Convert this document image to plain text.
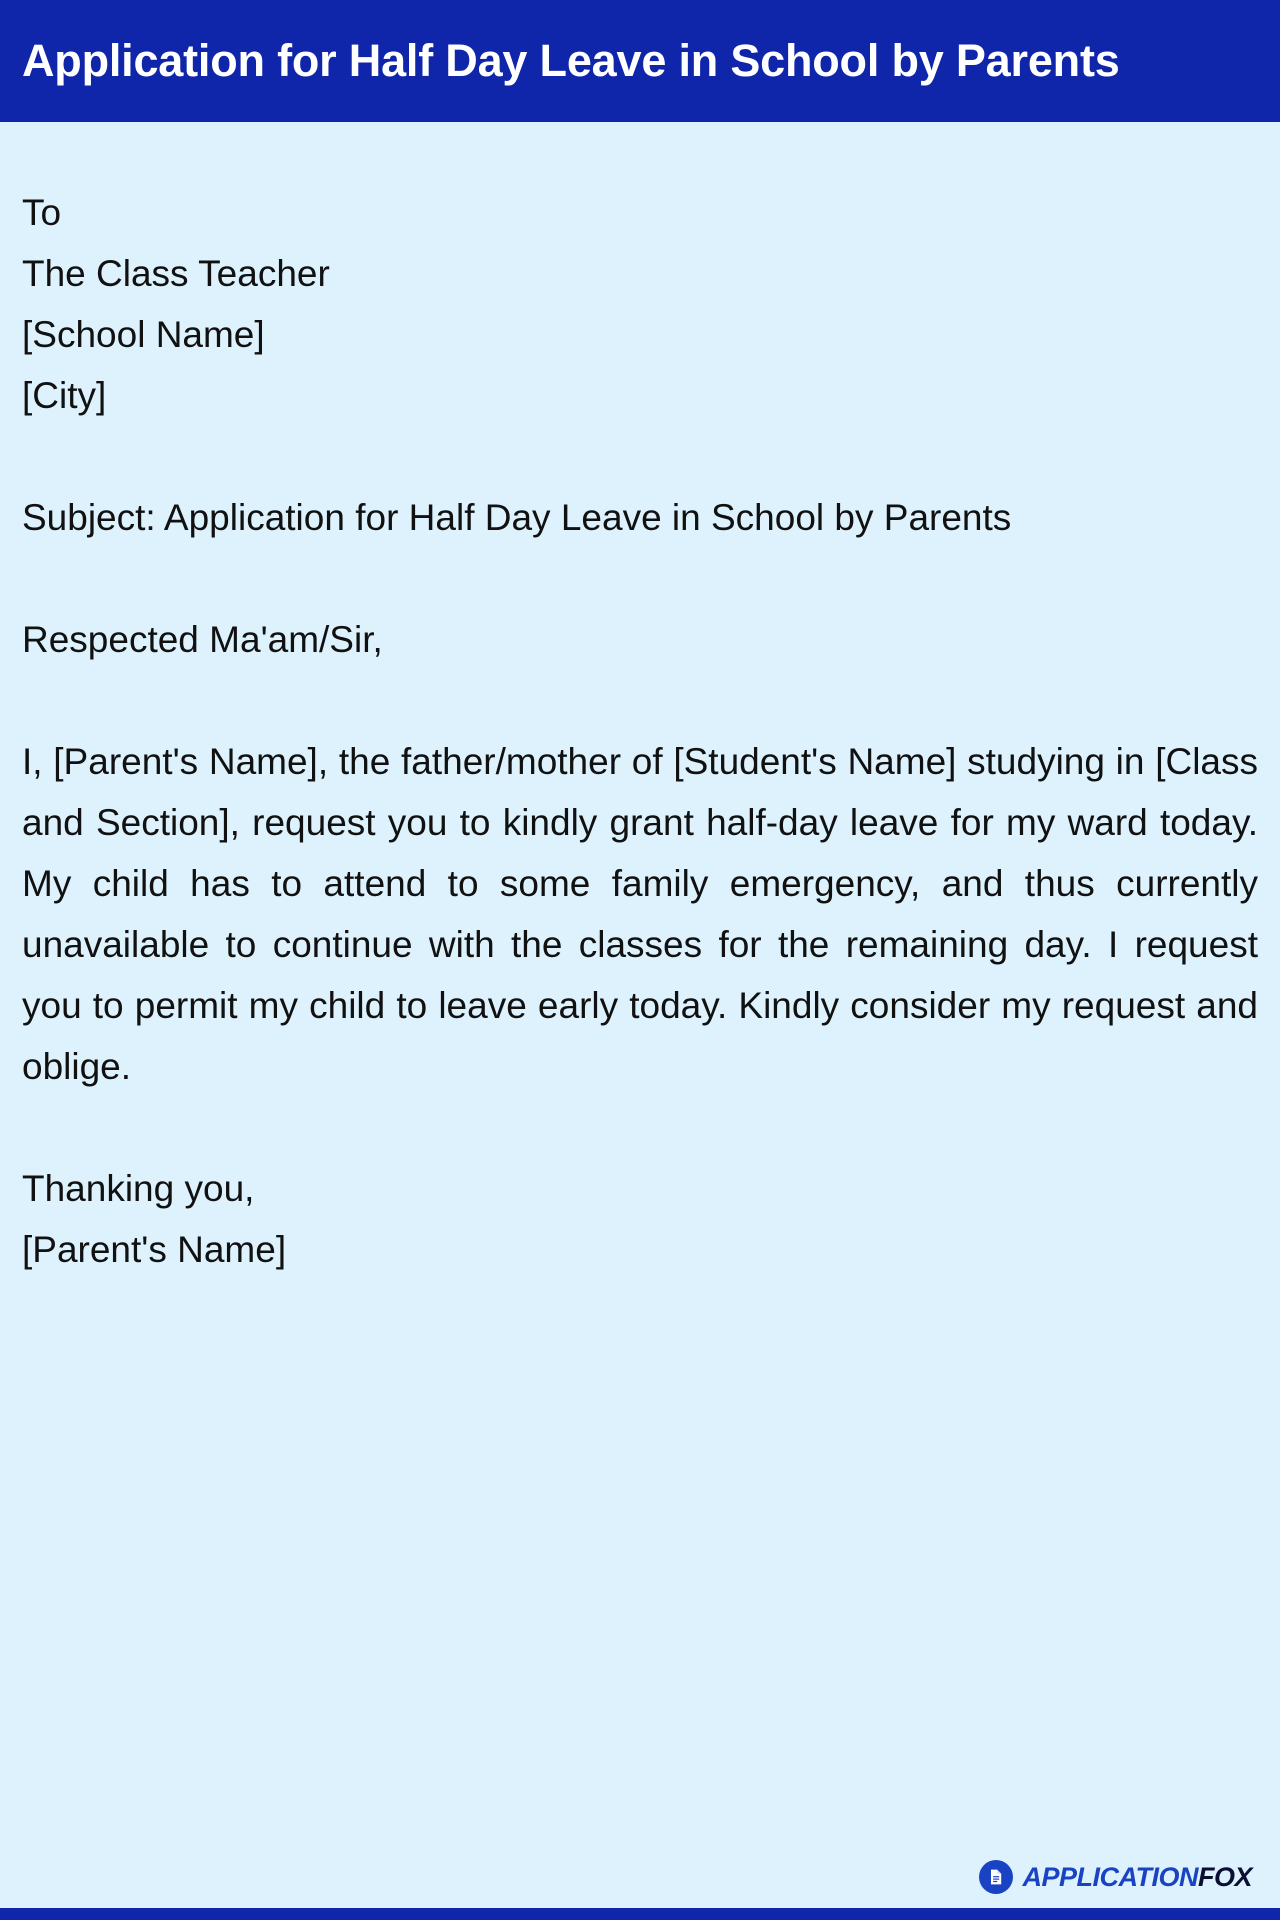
Application for Half Day Leave in School by Parents
To
The Class Teacher
[School Name]
[City]
Subject: Application for Half Day Leave in School by Parents
Respected Ma'am/Sir,
I, [Parent's Name], the father/mother of [Student's Name] studying in [Class and Section], request you to kindly grant half-day leave for my ward today. My child has to attend to some family emergency, and thus currently unavailable to continue with the classes for the remaining day. I request you to permit my child to leave early today. Kindly consider my request and oblige.
Thanking you,
[Parent's Name]
APPLICATIONFOX
